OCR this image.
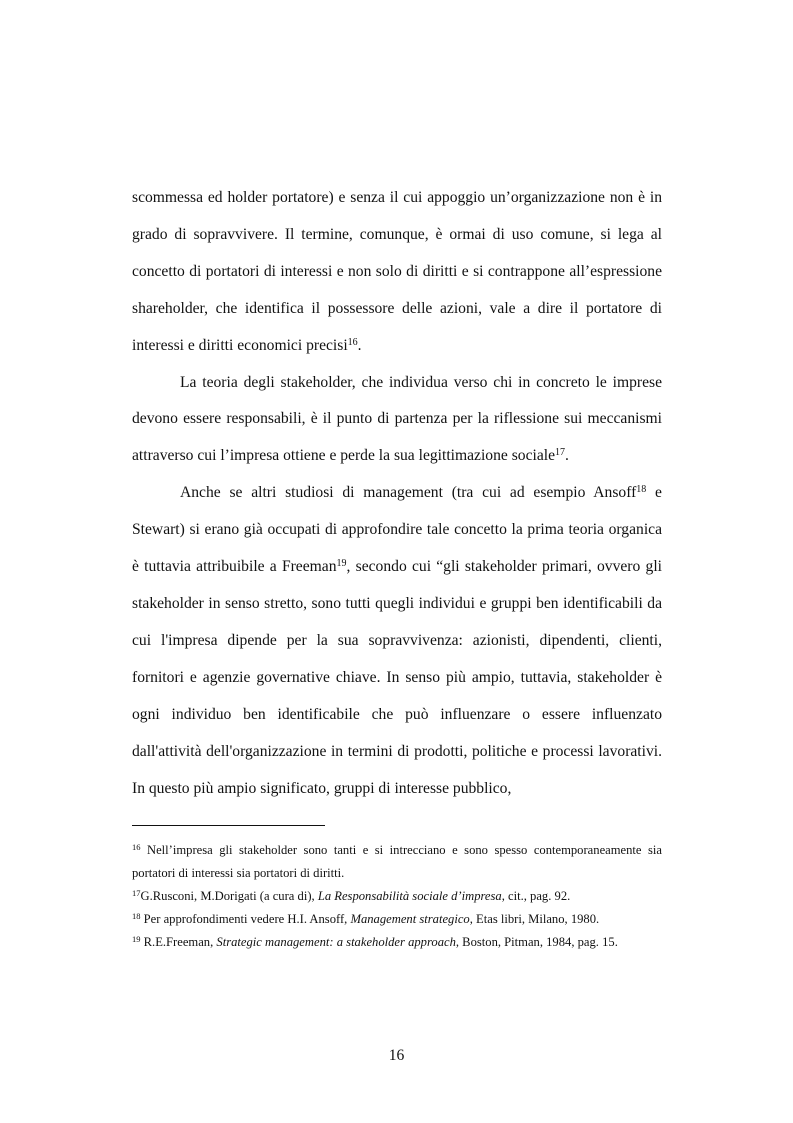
scommessa ed holder portatore) e senza il cui appoggio un’organizzazione non è in grado di sopravvivere. Il termine, comunque, è ormai di uso comune, si lega al concetto di portatori di interessi e non solo di diritti e si contrappone all’espressione shareholder, che identifica il possessore delle azioni, vale a dire il portatore di interessi e diritti economici precisi$^{16}$.

La teoria degli stakeholder, che individua verso chi in concreto le imprese devono essere responsabili, è il punto di partenza per la riflessione sui meccanismi attraverso cui l’impresa ottiene e perde la sua legittimazione sociale$^{17}$.

Anche se altri studiosi di management (tra cui ad esempio Ansoff$^{18}$ e Stewart) si erano già occupati di approfondire tale concetto la prima teoria organica è tuttavia attribuibile a Freeman$^{19}$, secondo cui “gli stakeholder primari, ovvero gli stakeholder in senso stretto, sono tutti quegli individui e gruppi ben identificabili da cui l'impresa dipende per la sua sopravvivenza: azionisti, dipendenti, clienti, fornitori e agenzie governative chiave. In senso più ampio, tuttavia, stakeholder è ogni individuo ben identificabile che può influenzare o essere influenzato dall'attività dell'organizzazione in termini di prodotti, politiche e processi lavorativi. In questo più ampio significato, gruppi di interesse pubblico,

$^{16}$ Nell’impresa gli stakeholder sono tanti e si intrecciano e sono spesso contemporaneamente sia portatori di interessi sia portatori di diritti.

$^{17}$G.Rusconi, M.Dorigati (a cura di), La Responsabilità sociale d’impresa, cit., pag. 92.

$^{18}$ Per approfondimenti vedere H.I. Ansoff, Management strategico, Etas libri, Milano, 1980.

$^{19}$ R.E.Freeman, Strategic management: a stakeholder approach, Boston, Pitman, 1984, pag. 15.

16
